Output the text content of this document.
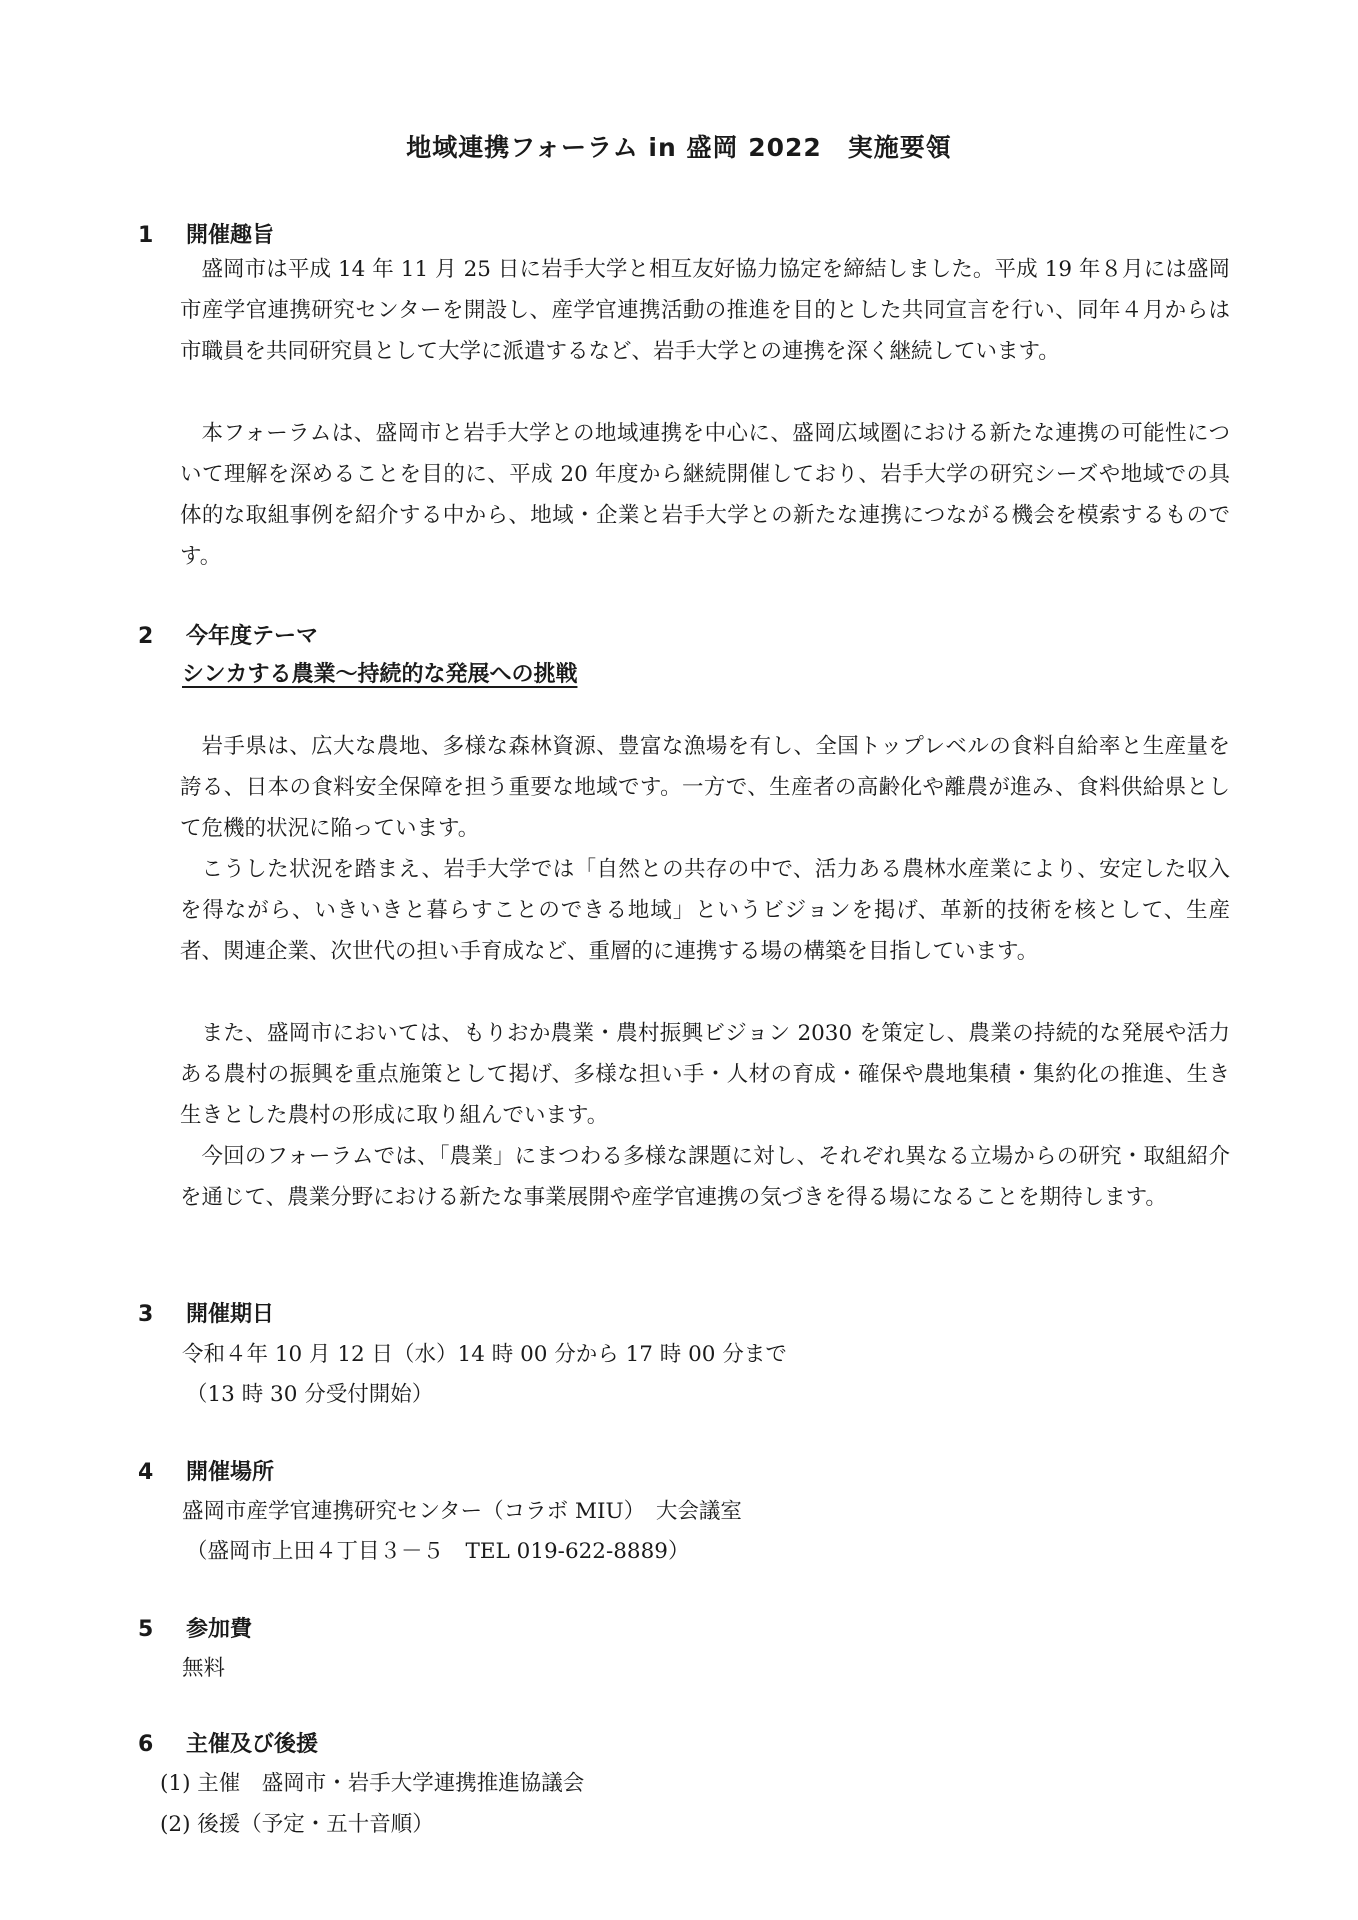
地域連携フォーラム in 盛岡 2022　実施要領
1 開催趣旨

盛岡市は平成 14 年 11 月 25 日に岩手大学と相互友好協力協定を締結しました。平成 19 年８月には盛岡市産学官連携研究センターを開設し、産学官連携活動の推進を目的とした共同宣言を行い、同年４月からは市職員を共同研究員として大学に派遣するなど、岩手大学との連携を深く継続しています。

本フォーラムは、盛岡市と岩手大学との地域連携を中心に、盛岡広域圏における新たな連携の可能性について理解を深めることを目的に、平成 20 年度から継続開催しており、岩手大学の研究シーズや地域での具体的な取組事例を紹介する中から、地域・企業と岩手大学との新たな連携につながる機会を模索するものです。

2 今年度テーマ
シンカする農業～持続的な発展への挑戦

岩手県は、広大な農地、多様な森林資源、豊富な漁場を有し、全国トップレベルの食料自給率と生産量を誇る、日本の食料安全保障を担う重要な地域です。一方で、生産者の高齢化や離農が進み、食料供給県として危機的状況に陥っています。

こうした状況を踏まえ、岩手大学では「自然との共存の中で、活力ある農林水産業により、安定した収入を得ながら、いきいきと暮らすことのできる地域」というビジョンを掲げ、革新的技術を核として、生産者、関連企業、次世代の担い手育成など、重層的に連携する場の構築を目指しています。

また、盛岡市においては、もりおか農業・農村振興ビジョン 2030 を策定し、農業の持続的な発展や活力ある農村の振興を重点施策として掲げ、多様な担い手・人材の育成・確保や農地集積・集約化の推進、生き生きとした農村の形成に取り組んでいます。

今回のフォーラムでは、「農業」にまつわる多様な課題に対し、それぞれ異なる立場からの研究・取組紹介を通じて、農業分野における新たな事業展開や産学官連携の気づきを得る場になることを期待します。

3 開催期日
令和４年 10 月 12 日（水）14 時 00 分から 17 時 00 分まで
（13 時 30 分受付開始）
4 開催場所
盛岡市産学官連携研究センター（コラボ MIU）　大会議室
（盛岡市上田４丁目３－５　TEL 019-622-8889）
5 参加費
無料
6 主催及び後援
(1) 主催　盛岡市・岩手大学連携推進協議会
(2) 後援（予定・五十音順）
